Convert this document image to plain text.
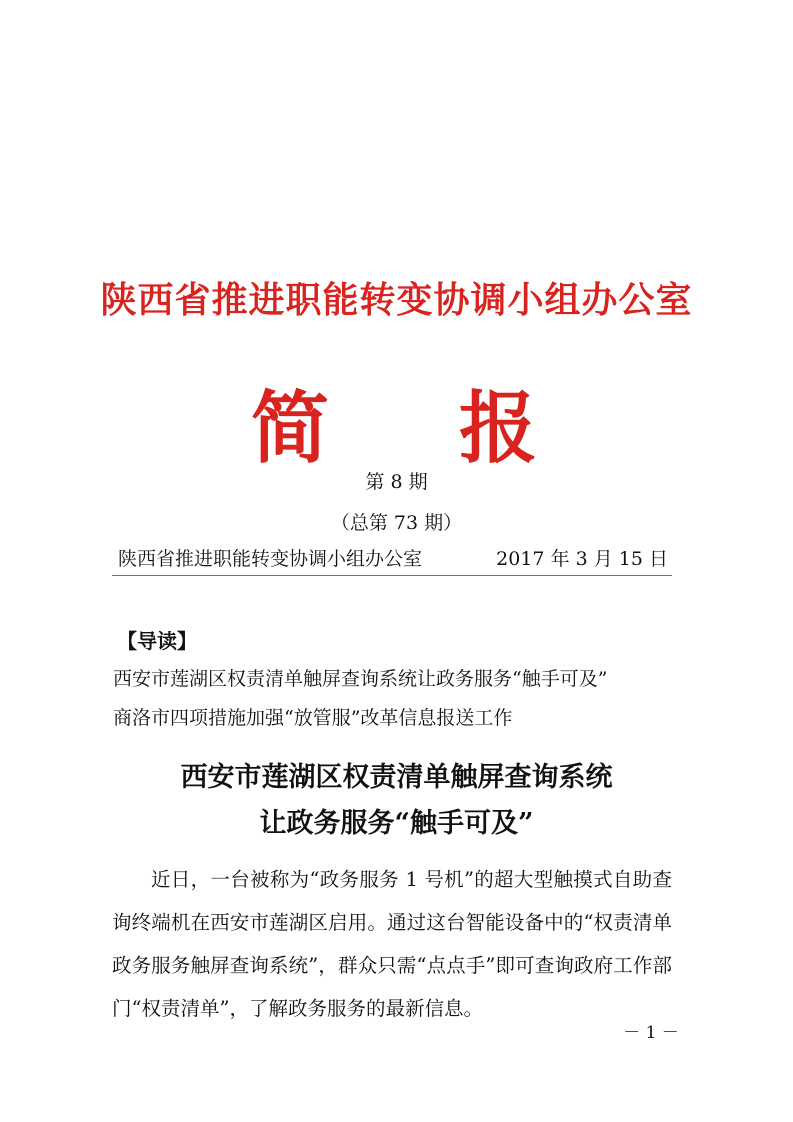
陕西省推进职能转变协调小组办公室
简 报
第 8 期
（总第 73 期）
陕西省推进职能转变协调小组办公室	2017 年 3 月 15 日
【导读】
西安市莲湖区权责清单触屏查询系统让政务服务“触手可及”
商洛市四项措施加强“放管服”改革信息报送工作
西安市莲湖区权责清单触屏查询系统
让政务服务“触手可及”
近日，一台被称为“政务服务 1 号机”的超大型触摸式自助查询终端机在西安市莲湖区启用。通过这台智能设备中的“权责清单政务服务触屏查询系统”，群众只需“点点手”即可查询政府工作部门“权责清单”，了解政务服务的最新信息。
－ 1 －
